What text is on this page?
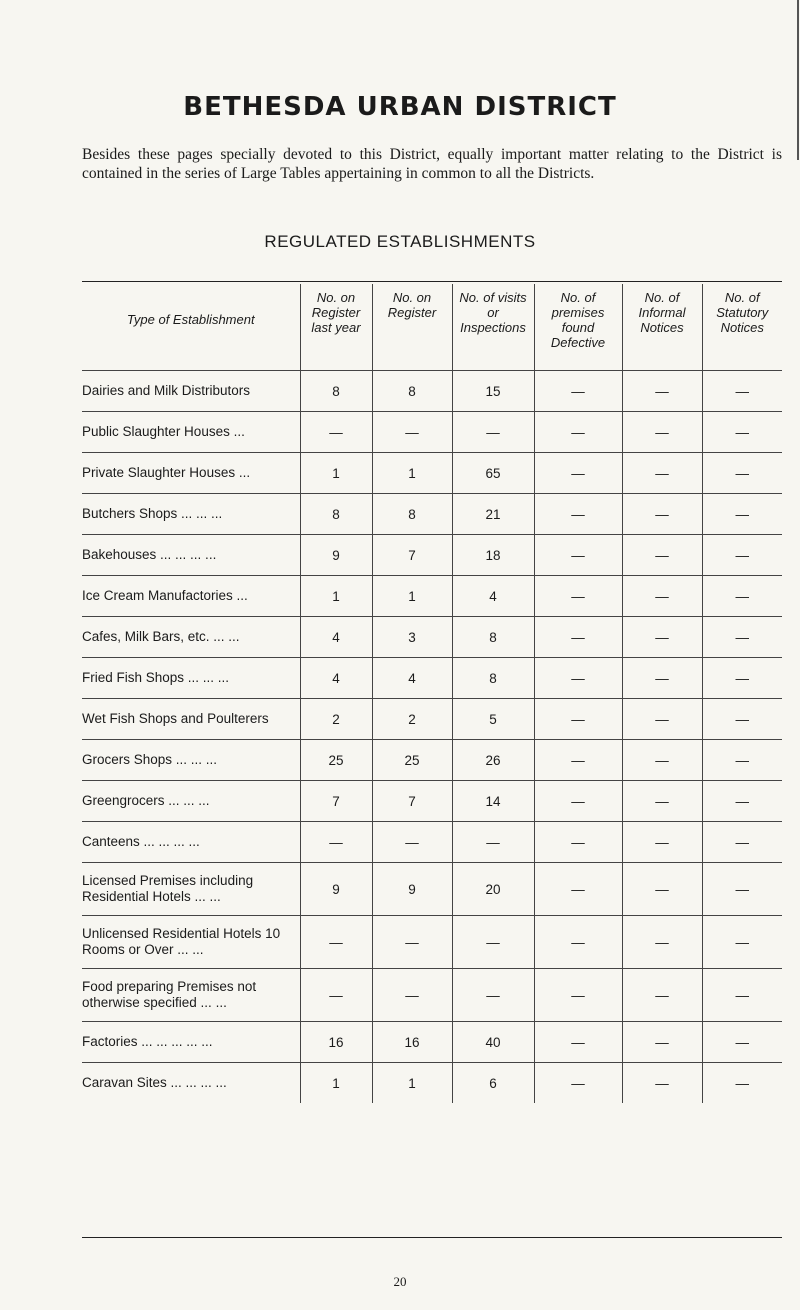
BETHESDA URBAN DISTRICT
Besides these pages specially devoted to this District, equally important matter relating to the District is contained in the series of Large Tables appertaining in common to all the Districts.
REGULATED ESTABLISHMENTS
Type of Establishment	No. on Register last year	No. on Register	No. of visits or Inspections	No. of premises found Defective	No. of Informal Notices	No. of Statutory Notices
Dairies and Milk Distributors	8	8	15	—	—	—
Public Slaughter Houses ...	—	—	—	—	—	—
Private Slaughter Houses ...	1	1	65	—	—	—
Butchers Shops ... ... ...	8	8	21	—	—	—
Bakehouses ... ... ... ...	9	7	18	—	—	—
Ice Cream Manufactories ...	1	1	4	—	—	—
Cafes, Milk Bars, etc. ... ...	4	3	8	—	—	—
Fried Fish Shops ... ... ...	4	4	8	—	—	—
Wet Fish Shops and Poulterers	2	2	5	—	—	—
Grocers Shops ... ... ...	25	25	26	—	—	—
Greengrocers ... ... ...	7	7	14	—	—	—
Canteens ... ... ... ...	—	—	—	—	—	—
Licensed Premises including Residential Hotels ... ...	9	9	20	—	—	—
Unlicensed Residential Hotels 10 Rooms or Over ... ...	—	—	—	—	—	—
Food preparing Premises not otherwise specified ... ...	—	—	—	—	—	—
Factories ... ... ... ... ...	16	16	40	—	—	—
Caravan Sites ... ... ... ...	1	1	6	—	—	—
20
